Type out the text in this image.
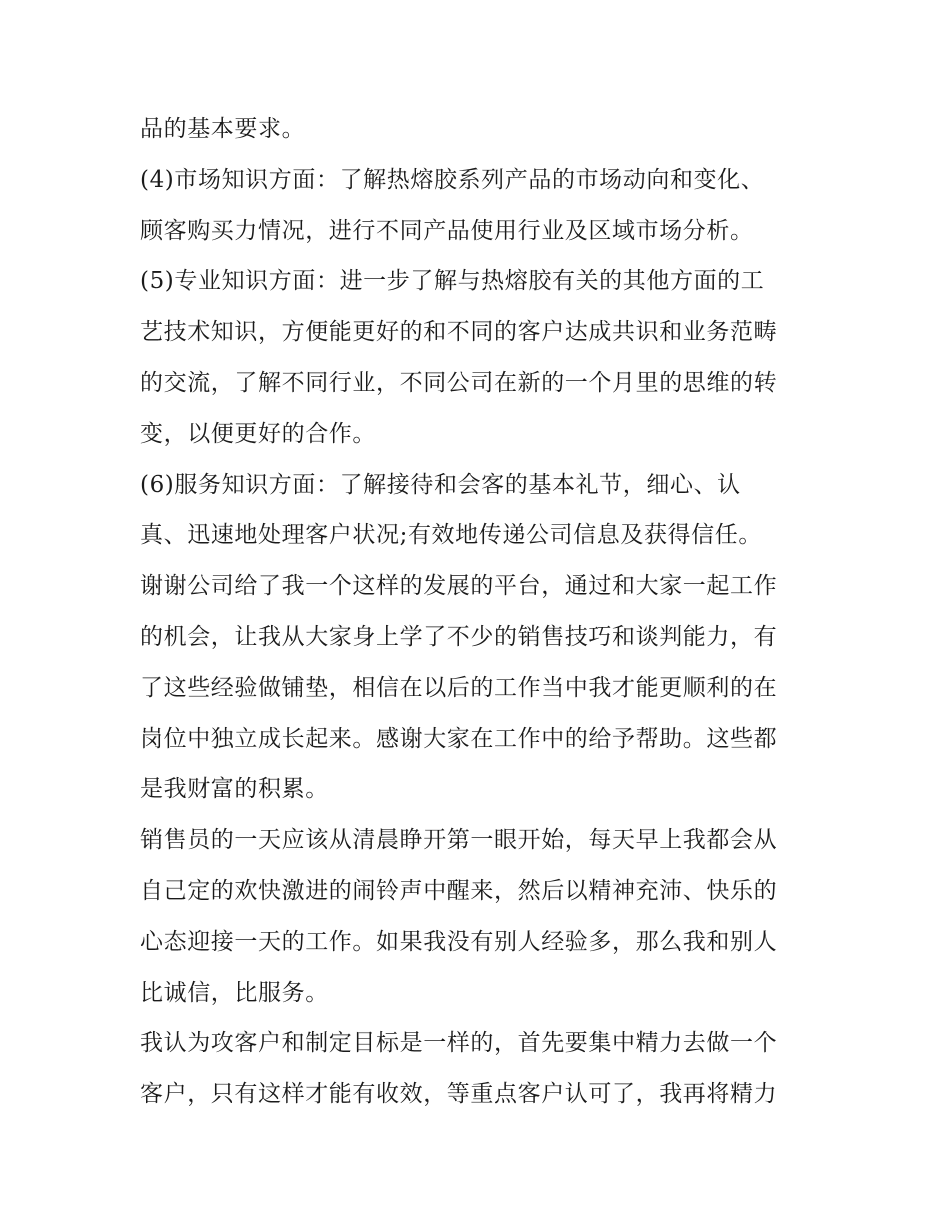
品的基本要求。
(4)市场知识方面：了解热熔胶系列产品的市场动向和变化、
顾客购买力情况，进行不同产品使用行业及区域市场分析。
(5)专业知识方面：进一步了解与热熔胶有关的其他方面的工
艺技术知识，方便能更好的和不同的客户达成共识和业务范畴
的交流，了解不同行业，不同公司在新的一个月里的思维的转
变，以便更好的合作。
(6)服务知识方面：了解接待和会客的基本礼节，细心、认
真、迅速地处理客户状况;有效地传递公司信息及获得信任。
谢谢公司给了我一个这样的发展的平台，通过和大家一起工作
的机会，让我从大家身上学了不少的销售技巧和谈判能力，有
了这些经验做铺垫，相信在以后的工作当中我才能更顺利的在
岗位中独立成长起来。感谢大家在工作中的给予帮助。这些都
是我财富的积累。
销售员的一天应该从清晨睁开第一眼开始，每天早上我都会从
自己定的欢快激进的闹铃声中醒来，然后以精神充沛、快乐的
心态迎接一天的工作。如果我没有别人经验多，那么我和别人
比诚信，比服务。
我认为攻客户和制定目标是一样的，首先要集中精力去做一个
客户，只有这样才能有收效，等重点客户认可了，我再将精力
